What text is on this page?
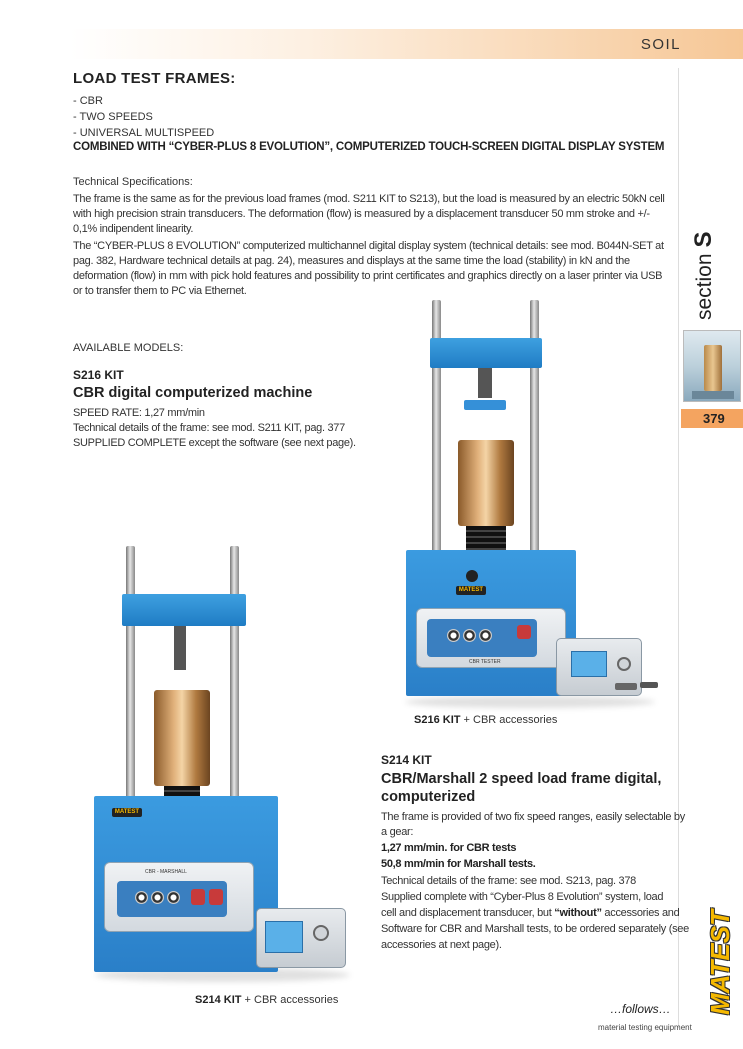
SOIL
sectionS
379
MATEST
LOAD TEST FRAMES:
- CBR
- TWO SPEEDS
- UNIVERSAL MULTISPEED
COMBINED WITH “CYBER-PLUS 8 EVOLUTION”, COMPUTERIZED TOUCH-SCREEN DIGITAL DISPLAY SYSTEM
Technical Specifications:
The frame is the same as for the previous load frames (mod. S211 KIT to S213), but the load is measured by an electric 50kN cell with high precision strain transducers. The deformation (flow) is measured by a displacement transducer 50 mm stroke and +/- 0,1% indipendent linearity.
The “CYBER-PLUS 8 EVOLUTION” computerized multichannel digital display system (technical details: see mod. B044N-SET at pag. 382, Hardware technical details at pag. 24), measures and displays at the same time the load (stability) in kN and the deformation (flow) in mm with pick hold features and possibility to print certificates and graphics directly on a laser printer via USB or to transfer them to PC via Ethernet.
AVAILABLE MODELS:
S216 KIT
CBR digital computerized machine
SPEED RATE: 1,27 mm/min
Technical details of the frame: see mod. S211 KIT, pag. 377
SUPPLIED COMPLETE except the software (see next page).
MATEST
CBR TESTER
S216 KIT + CBR accessories
MATEST
CBR - MARSHALL
S214 KIT
CBR/Marshall 2 speed load frame digital,
computerized
The frame is provided of two fix speed ranges, easily selectable by
a gear:
1,27 mm/min. for CBR tests
50,8 mm/min for Marshall tests.
Technical details of the frame: see mod. S213, pag. 378
Supplied complete with “Cyber-Plus 8 Evolution” system, load
cell and displacement transducer, but “without” accessories and
Software for CBR and Marshall tests, to be ordered separately (see
accessories at next page).
S214 KIT + CBR accessories
…follows…
material testing equipment
